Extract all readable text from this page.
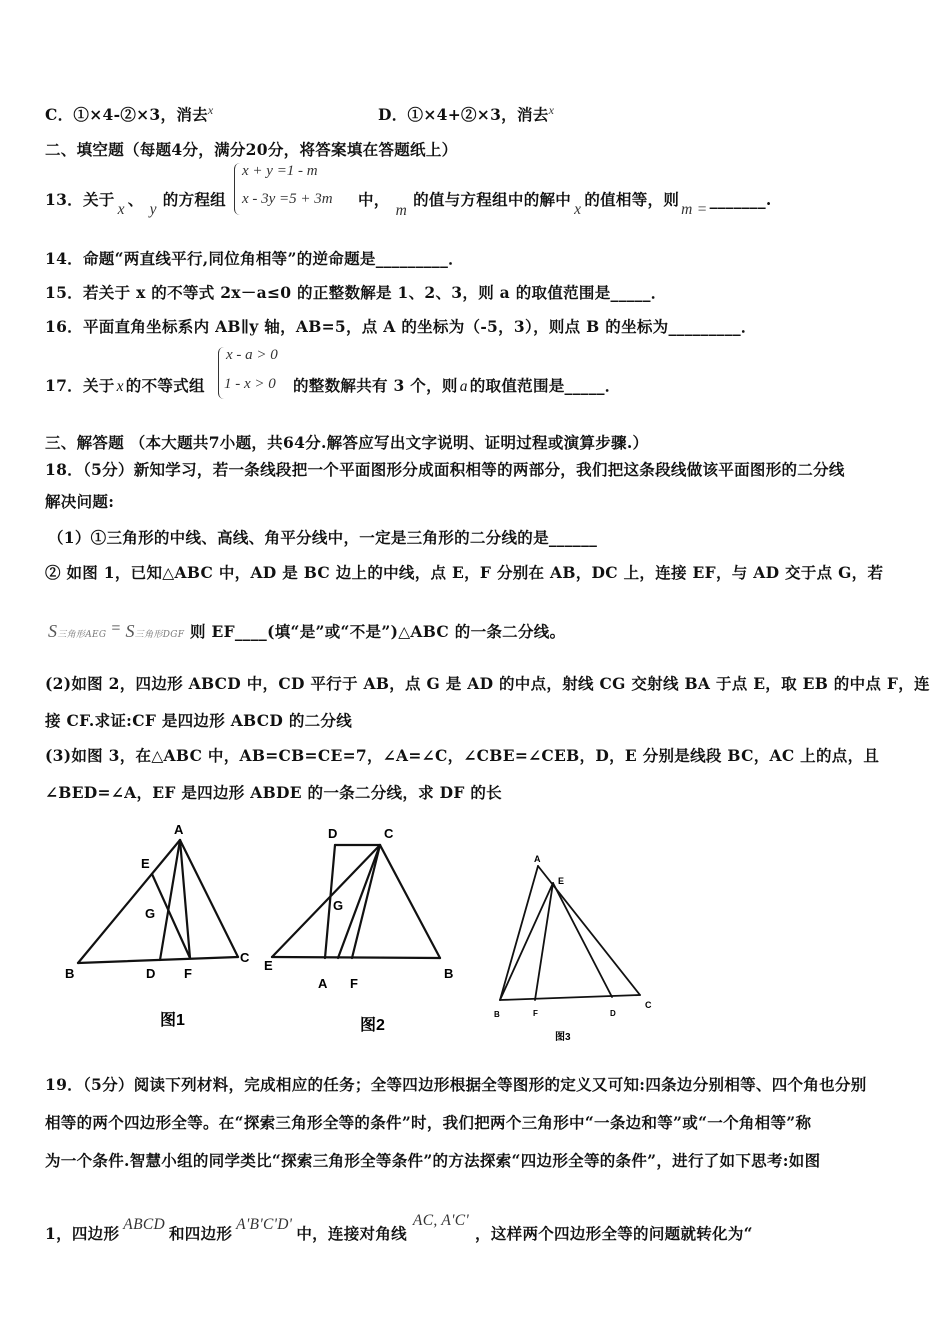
C．①×4-②×3，消去$^x$	D．①×4+②×3，消去$^x$
二、填空题（每题4分，满分20分，将答案填在答题纸上）
x + y =1 - m
x - 3y =5 + 3m
13．关于x、y的方程组	中，m的值与方程组中的解中x的值相等，则m =_______.
14．命题“两直线平行,同位角相等”的逆命题是_________．
15．若关于 x 的不等式 2x－a≤0 的正整数解是 1、2、3，则 a 的取值范围是_____．
16．平面直角坐标系内 AB∥y 轴，AB=5，点 A 的坐标为（-5，3），则点 B 的坐标为_________．
x - a > 0
1 - x > 0
17．关于 x 的不等式组	的整数解共有 3 个，则 a 的取值范围是_____．
三、解答题 （本大题共7小题，共64分.解答应写出文字说明、证明过程或演算步骤.）
18．（5分）新知学习，若一条线段把一个平面图形分成面积相等的两部分，我们把这条段线做该平面图形的二分线
解决问题:
（1）①三角形的中线、高线、角平分线中，一定是三角形的二分线的是______
② 如图 1，已知△ABC 中，AD 是 BC 边上的中线，点 E，F 分别在 AB，DC 上，连接 EF，与 AD 交于点 G，若
S三角形AEG = S三角形DGF 则 EF____(填“是”或“不是”)△ABC 的一条二分线。
(2)如图 2，四边形 ABCD 中，CD 平行于 AB，点 G 是 AD 的中点，射线 CG 交射线 BA 于点 E，取 EB 的中点 F，连
接 CF.求证:CF 是四边形 ABCD 的二分线
(3)如图 3，在△ABC 中，AB=CB=CE=7，∠A=∠C，∠CBE=∠CEB，D，E 分别是线段 BC，AC 上的点，且
∠BED=∠A，EF 是四边形 ABDE 的一条二分线，求 DF 的长
A
E
G
B	D F
C
图1
D	C
G
E
A F
B
图2
A
E
B	F	D
C
图3
19．（5分）阅读下列材料，完成相应的任务；全等四边形根据全等图形的定义又可知:四条边分别相等、四个角也分别
相等的两个四边形全等。在“探索三角形全等的条件”时，我们把两个三角形中“一条边和等”或“一个角相等”称
为一个条件.智慧小组的同学类比“探索三角形全等条件”的方法探索“四边形全等的条件”，进行了如下思考:如图
1，四边形 ABCD 和四边形 A'B'C'D' 中，连接对角线AC, A'C'，这样两个四边形全等的问题就转化为“
